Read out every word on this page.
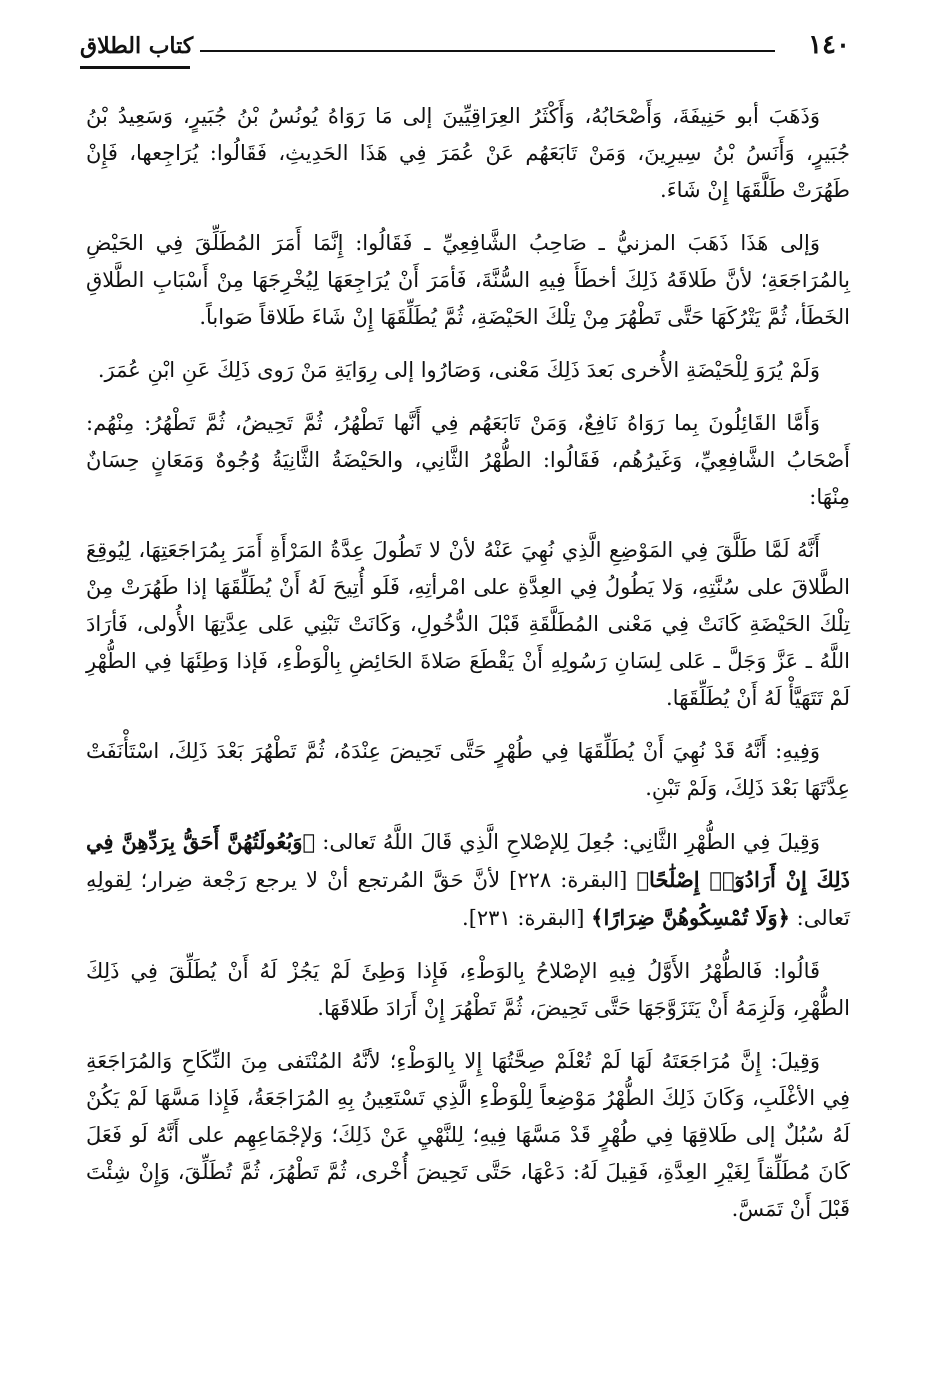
١٤٠
كتاب الطلاق

وَذَهَبَ أبو حَنِيفَةَ، وَأَصْحَابُهُ، وَأَكْثَرُ العِرَاقِيِّينَ إلى مَا رَوَاهُ يُونُسُ بْنُ جُبَيرٍ، وَسَعِيدُ بْنُ جُبَيرٍ، وَأَنَسُ بْنُ سِيرِينَ، وَمَنْ تَابَعَهُم عَنْ عُمَرَ فِي هَذَا الحَدِيثِ، فَقَالُوا: يُرَاجِعها، فَإِنْ طَهُرَتْ طَلَّقَهَا إِنْ شَاءَ.

وَإلى هَذَا ذَهَبَ المزنيُّ ـ صَاحِبُ الشَّافِعِيِّ ـ فَقَالُوا: إِنَّمَا أَمَرَ المُطَلِّقَ فِي الحَيْضِ بِالمُرَاجَعَةِ؛ لأنَّ طَلاقَهُ ذَلِكَ أخطَأَ فِيهِ السُّنَّةَ، فَأمَرَ أَنْ يُرَاجِعَهَا لِيُخْرِجَهَا مِنْ أَسْبَابِ الطَّلاقِ الخَطَأ، ثُمَّ يَتْرُكَهَا حَتَّى تَطْهُرَ مِنْ تِلْكَ الحَيْضَةِ، ثُمَّ يُطَلِّقَهَا إِنْ شَاءَ طَلاقاً صَواباً.

وَلَمْ يُرَوَ لِلْحَيْضَةِ الأُخرى بَعدَ ذَلِكَ مَعْنى، وَصَارُوا إلى رِوَايَةِ مَنْ رَوى ذَلِكَ عَنِ ابْنِ عُمَرَ.

وَأَمَّا القَائِلُونَ بِما رَوَاهُ نَافِعٌ، وَمَنْ تَابَعَهُم فِي أَنَّها تَطْهُرُ، ثُمَّ تَحِيضُ، ثُمَّ تَطْهُرُ: مِنْهُم: أَصْحَابُ الشَّافِعِيِّ، وَغَيرُهُم، فَقَالُوا: الطُّهْرُ الثَّانِي، والحَيْضَةُ الثَّانِيَةُ وُجُوهٌ وَمَعَانٍ حِسَانٌ مِنْهَا:

أَنَّهُ لَمَّا طَلَّقَ فِي المَوْضِعِ الَّذِي نُهِيَ عَنْهُ لأنْ لا تَطُولَ عِدَّةُ المَرْأَةِ أَمَرَ بِمُرَاجَعَتِهَا، لِيُوقِعَ الطَّلاقَ على سُنَّتِهِ، وَلا يَطُولُ فِي العِدَّةِ على امْرأتِهِ، فَلَو أُتِيحَ لَهُ أَنْ يُطَلِّقَهَا إذا طَهُرَتْ مِنْ تِلْكَ الحَيْضَةِ كَانَتْ فِي مَعْنى المُطَلَّقَةِ قَبْلَ الدُّخُولِ، وَكَانَتْ تَبْنِي عَلى عِدَّتِهَا الأُولى، فَأرَادَ اللَّهُ ـ عَزَّ وَجَلَّ ـ عَلى لِسَانِ رَسُولِهِ أَنْ يَقْطَعَ صَلاةَ الحَائِضِ بِالْوَطْءِ، فَإذا وَطِئَهَا فِي الطُّهْرِ لَمْ تَتَهَيَّأْ لَهُ أَنْ يُطَلِّقَهَا.

وَفِيهِ: أَنَّهُ قَدْ نُهِيَ أَنْ يُطَلِّقَهَا فِي طُهْرٍ حَتَّى تَحِيضَ عِنْدَهُ، ثُمَّ تَطْهُرَ بَعْدَ ذَلِكَ، اسْتَأْنَفَتْ عِدَّتَهَا بَعْدَ ذَلِكَ، وَلَمْ تَبْنِ.

وَقِيلَ فِي الطُّهْرِ الثَّانِي: جُعِلَ لِلإصْلاحِ الَّذِي قَالَ اللَّهُ تَعالى: ﴿وَبُعُولَتُهُنَّ أَحَقُّ بِرَدِّهِنَّ فِي ذَلِكَ إِنْ أَرَادُوٓا۟ إِصْلَٰحًا﴾ [البقرة: ٢٢٨] لأنَّ حَقَّ المُرتجع أنْ لا يرجع رَجْعة ضِرار؛ لِقولِهِ تَعالى: ﴿وَلَا تُمْسِكُوهُنَّ ضِرَارًا﴾ [البقرة: ٢٣١].

قَالُوا: فَالطُّهْرُ الأَوَّلُ فِيهِ الإصْلاحُ بِالوَطْءِ، فَإِذا وَطِئَ لَمْ يَجُزْ لَهُ أَنْ يُطَلِّقَ فِي ذَلِكَ الطُّهْرِ، وَلَزِمَهُ أَنْ يَتَزَوَّجَهَا حَتَّى تَحِيضَ، ثُمَّ تَطْهُرَ إِنْ أَرَادَ طَلاقَهَا.

وَقِيلَ: إِنَّ مُرَاجَعَتَهُ لَهَا لَمْ تُعْلَمْ صِحَّتُهَا إِلا بِالوَطْءِ؛ لأنَّهُ المُنْتَفى مِنَ النِّكَاحِ وَالمُرَاجَعَةِ فِي الأغْلَبِ، وَكَانَ ذَلِكَ الطُّهْرُ مَوْضِعاً لِلْوَطْءِ الَّذِي تَسْتَعِينُ بِهِ المُرَاجَعَةُ، فَإِذا مَسَّهَا لَمْ يَكُنْ لَهُ سُبُلٌ إلى طَلاقِهَا فِي طُهْرٍ قَدْ مَسَّهَا فِيهِ؛ لِلنَّهْيِ عَنْ ذَلِكَ؛ وَلإجْمَاعِهِم على أَنَّهُ لَو فَعَلَ كَانَ مُطَلِّقاً لِغَيْرِ العِدَّةِ، فَقِيلَ لَهُ: دَعْهَا، حَتَّى تَحِيضَ أُخْرى، ثُمَّ تَطْهُرَ، ثُمَّ تُطَلِّقَ، وَإِنْ شِئْتَ قَبْلَ أَنْ تَمَسَّ.
